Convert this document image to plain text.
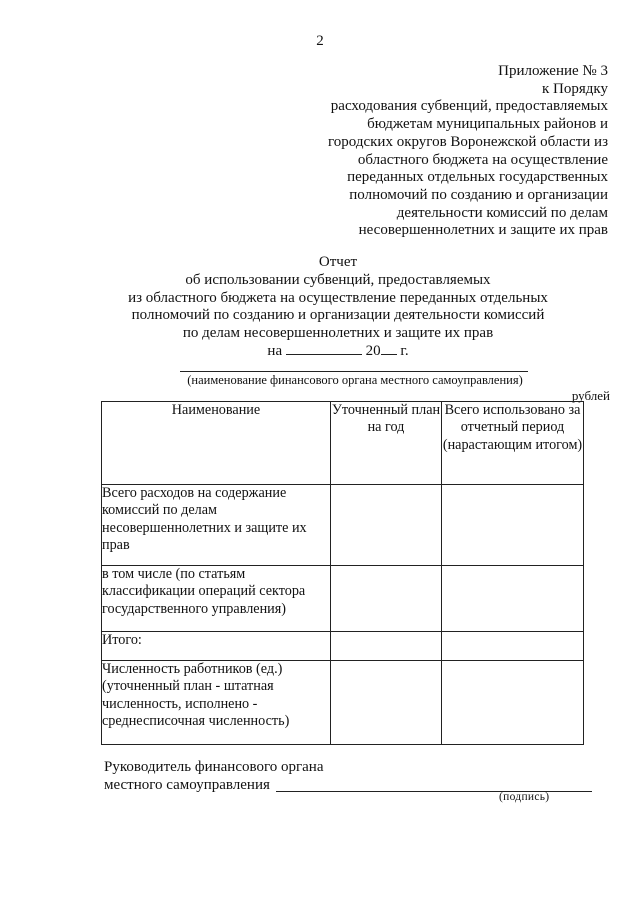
2
Приложение № 3
к Порядку
расходования субвенций, предоставляемых
бюджетам муниципальных районов и
городских округов Воронежской области из
областного бюджета на осуществление
переданных отдельных государственных
полномочий по созданию и организации
деятельности комиссий по делам
несовершеннолетних и защите их прав
Отчет
об использовании субвенций, предоставляемых
из областного бюджета на осуществление переданных отдельных
полномочий по созданию и организации деятельности комиссий
по делам несовершеннолетних и защите их прав
на	20 г.
(наименование финансового органа местного самоуправления)
рублей
Наименование	Уточненный план на год	Всего использовано за отчетный период (нарастающим итогом)
Всего расходов на содержание комиссий по делам несовершеннолетних и защите их прав		
в том числе (по статьям классификации операций сектора государственного управления)		
Итого:		
Численность работников (ед.) (уточненный план - штатная численность, исполнено - среднесписочная численность)		
Руководитель финансового органа
местного самоуправления
(подпись)
